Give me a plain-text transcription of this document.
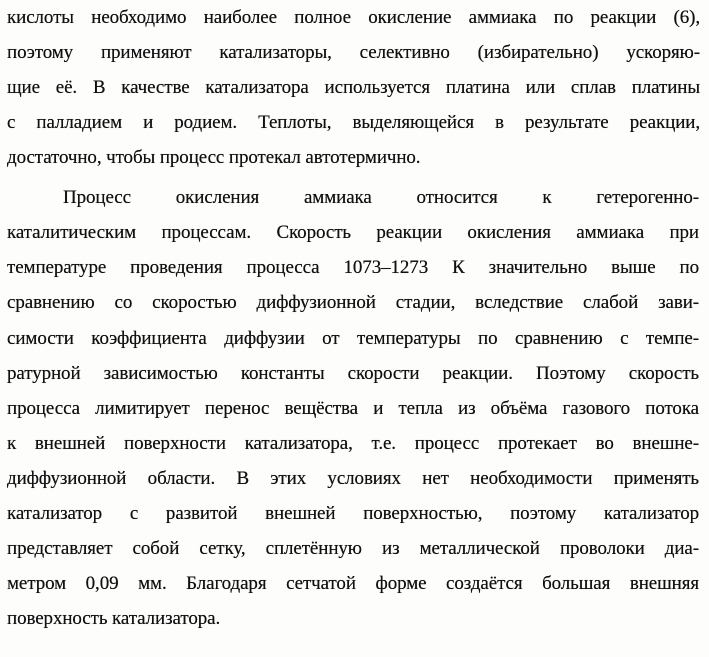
кислоты необходимо наиболее полное окисление аммиака по реакции (6),
поэтому применяют катализаторы, селективно (избирательно) ускоряю-
щие её. В качестве катализатора используется платина или сплав платины
с палладием и родием. Теплоты, выделяющейся в результате реакции,
достаточно, чтобы процесс протекал автотермично.
Процесс окисления аммиака относится к гетерогенно-
каталитическим процессам. Скорость реакции окисления аммиака при
температуре проведения процесса 1073–1273 К значительно выше по
сравнению со скоростью диффузионной стадии, вследствие слабой зави-
симости коэффициента диффузии от температуры по сравнению с темпе-
ратурной зависимостью константы скорости реакции. Поэтому скорость
процесса лимитирует перенос вещёства и тепла из объёма газового потока
к внешней поверхности катализатора, т.е. процесс протекает во внешне-
диффузионной области. В этих условиях нет необходимости применять
катализатор с развитой внешней поверхностью, поэтому катализатор
представляет собой сетку, сплетённую из металлической проволоки диа-
метром 0,09 мм. Благодаря сетчатой форме создаётся большая внешняя
поверхность катализатора.
